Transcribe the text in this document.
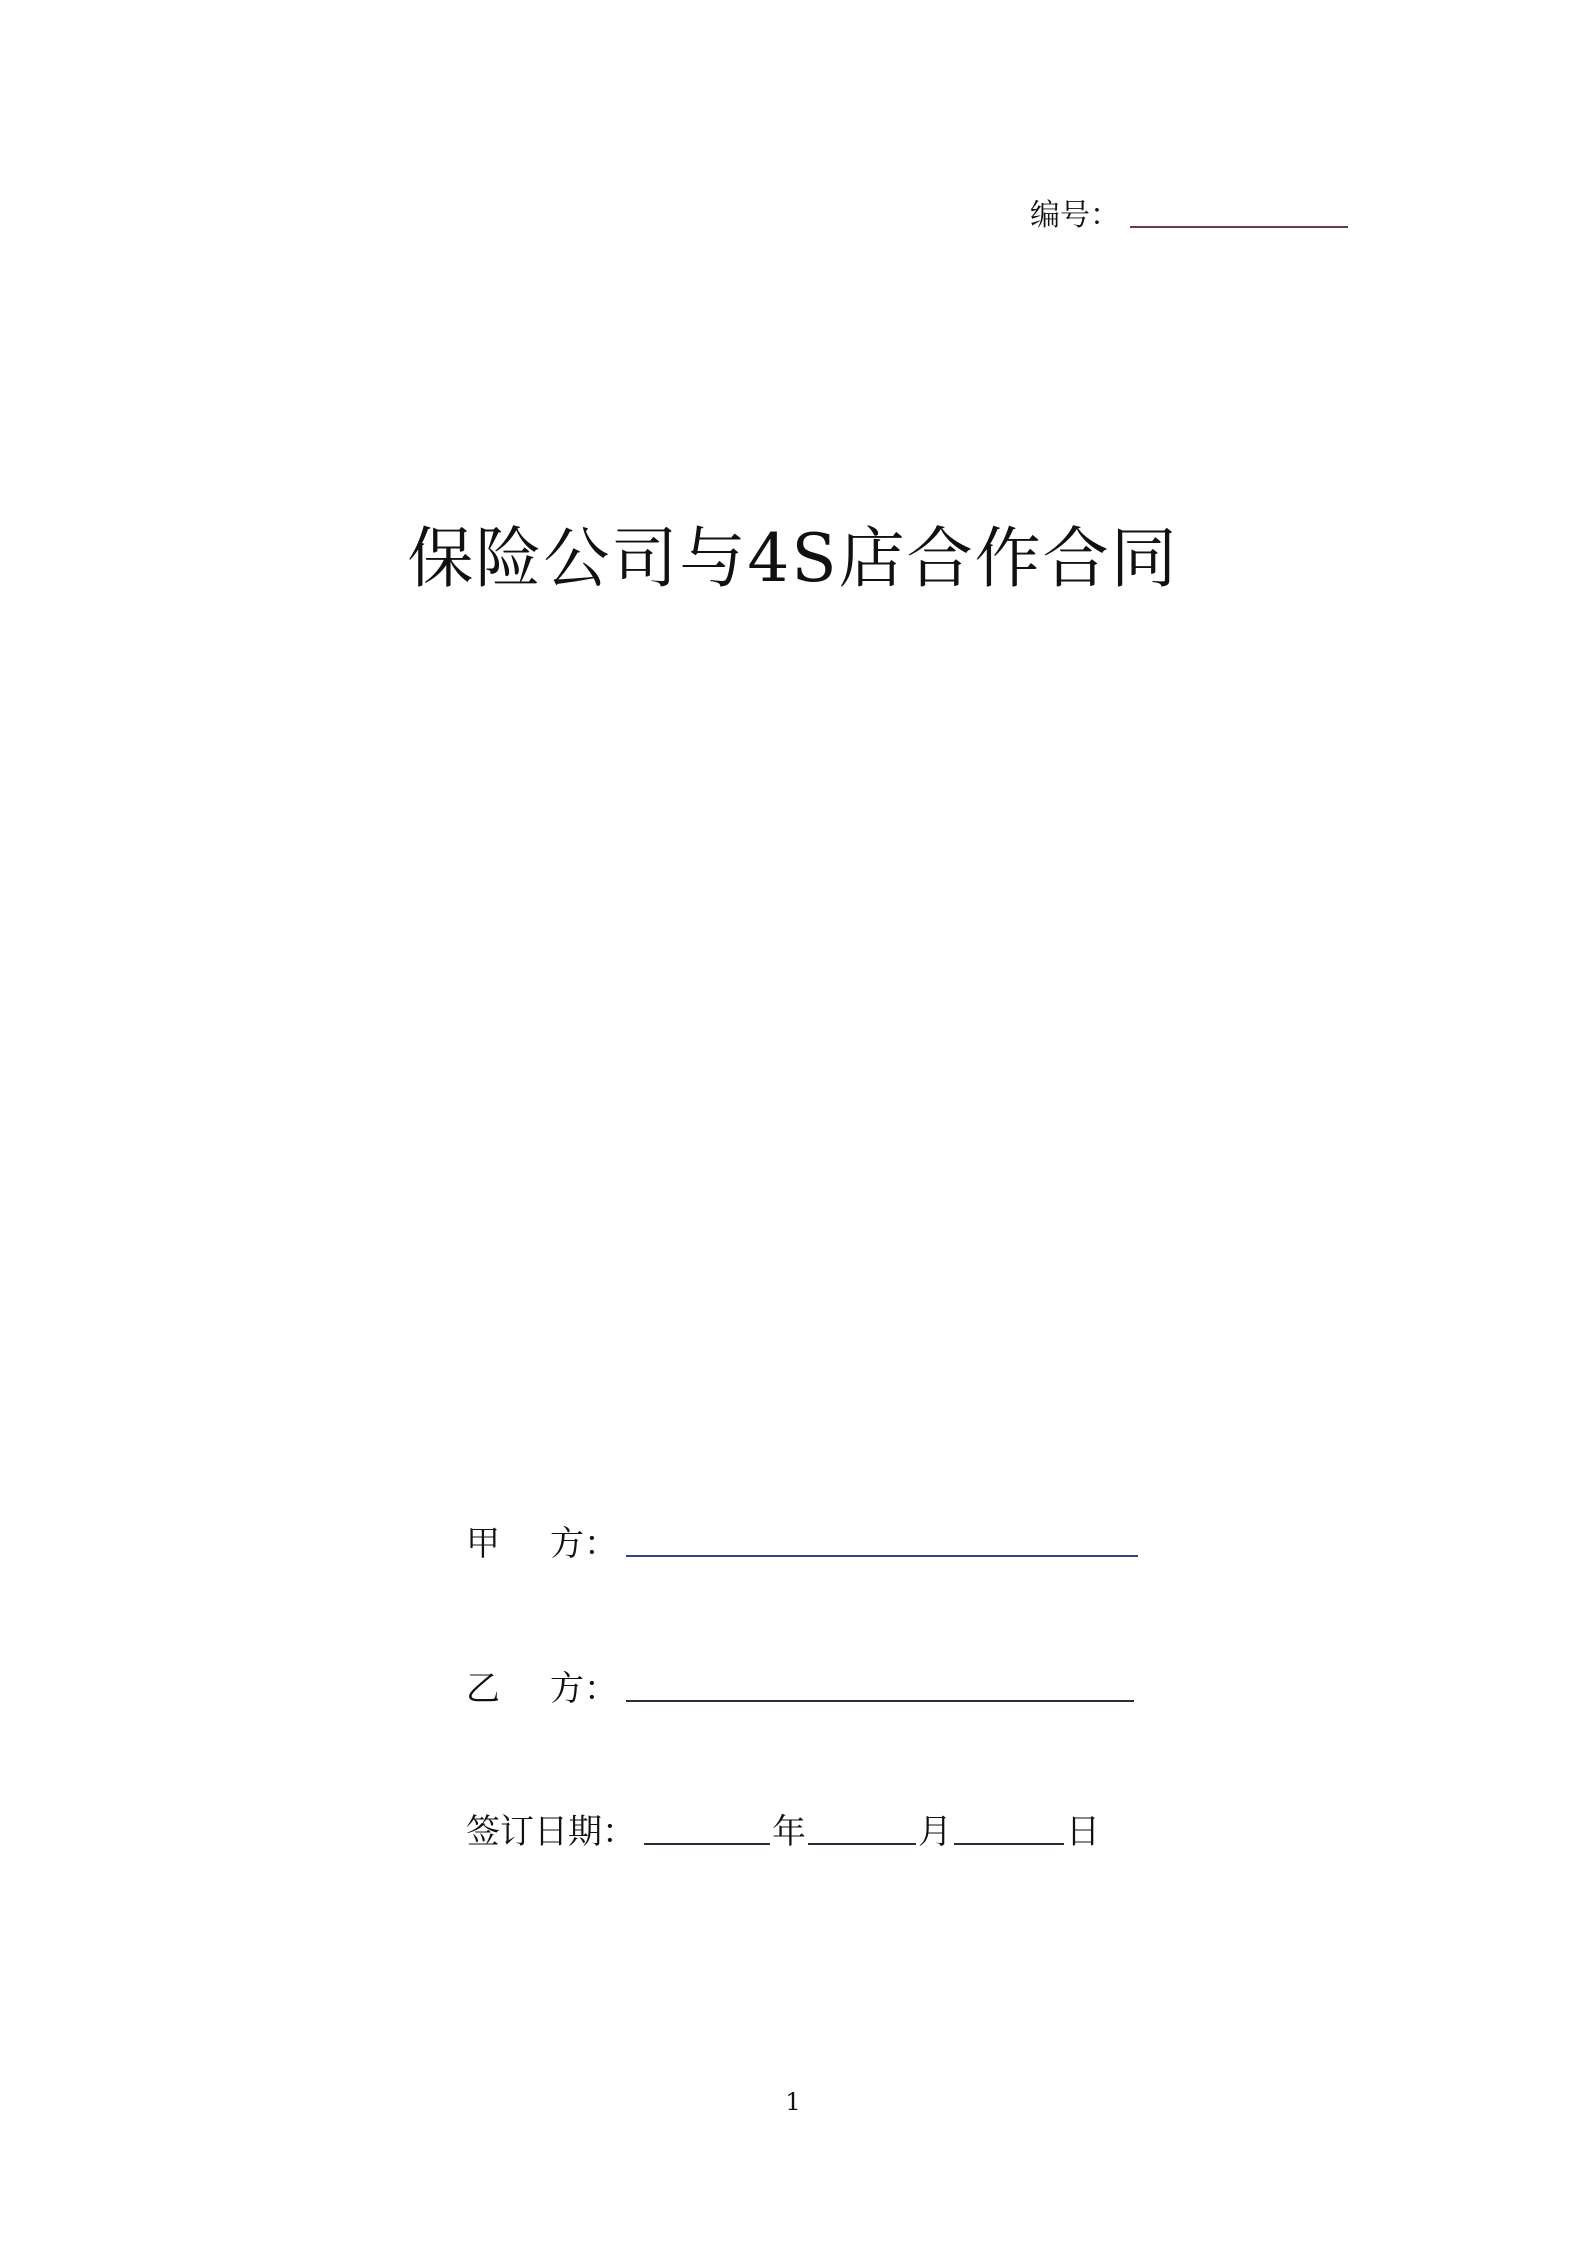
编号：
保险公司与4S店合作合同
甲 方：
乙 方：
签订日期：	年	月	日
1
